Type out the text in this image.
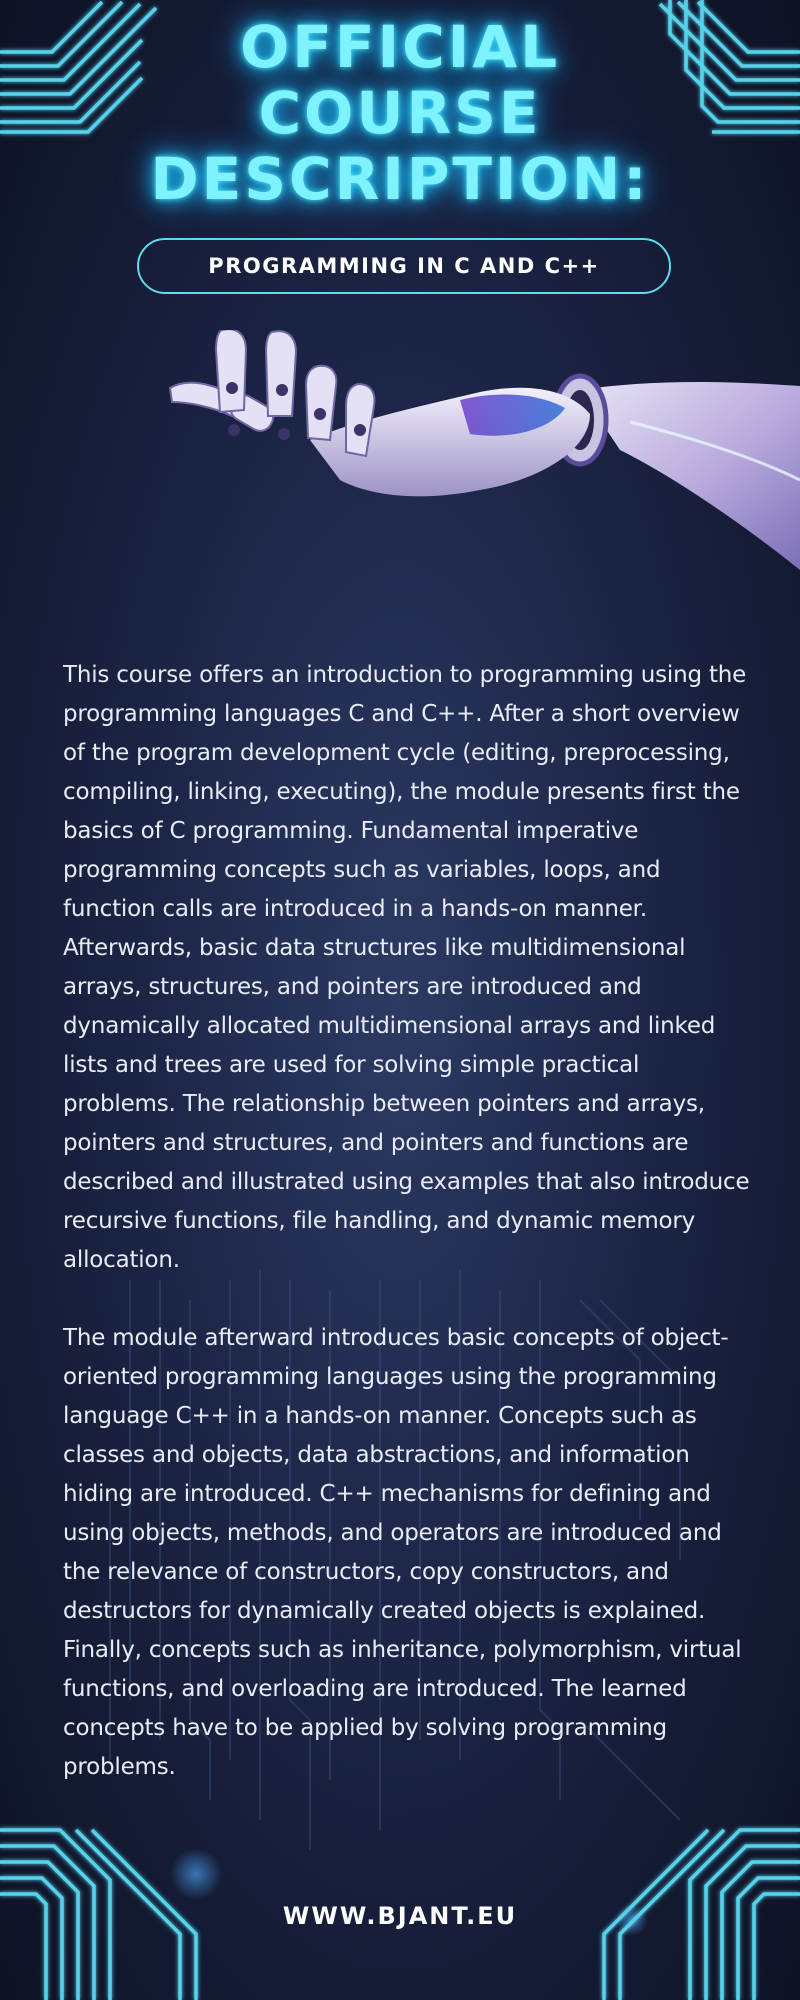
OFFICIAL
COURSE
DESCRIPTION:
PROGRAMMING IN C AND C++

This course offers an introduction to programming using the programming languages C and C++. After a short overview of the program development cycle (editing, preprocessing, compiling, linking, executing), the module presents first the basics of C programming. Fundamental imperative programming concepts such as variables, loops, and function calls are introduced in a hands-on manner. Afterwards, basic data structures like multidimensional arrays, structures, and pointers are introduced and dynamically allocated multidimensional arrays and linked lists and trees are used for solving simple practical problems. The relationship between pointers and arrays, pointers and structures, and pointers and functions are described and illustrated using examples that also introduce recursive functions, file handling, and dynamic memory allocation.

The module afterward introduces basic concepts of object-oriented programming languages using the programming language C++ in a hands-on manner. Concepts such as classes and objects, data abstractions, and information hiding are introduced. C++ mechanisms for defining and using objects, methods, and operators are introduced and the relevance of constructors, copy constructors, and destructors for dynamically created objects is explained. Finally, concepts such as inheritance, polymorphism, virtual functions, and overloading are introduced. The learned concepts have to be applied by solving programming problems.

WWW.BJANT.EU
